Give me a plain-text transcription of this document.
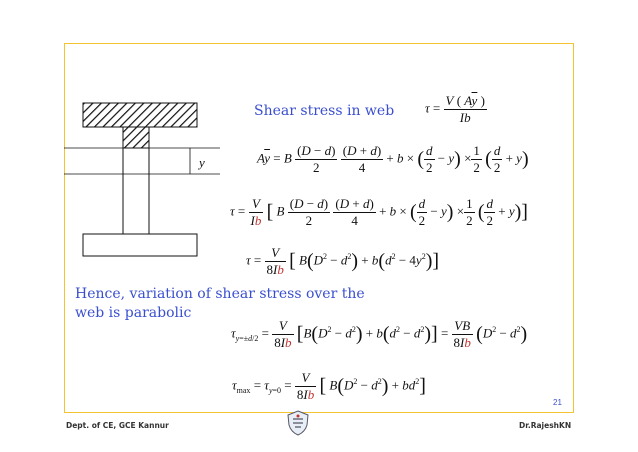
y
Shear stress in web $\tau = \frac{V ( A\overline{y} )}{Ib}$
$A\overline{y} = B \frac{(D - d)}{2}$
$\frac{(D + d)}{4} + b$ × ( $\frac{d}{2} - y) \times \frac{1}{2}$ ( $\frac{d}{2} + y$)
$\tau = \frac{V}{Ib}$ [ B $\frac{(D - d)}{2}$
$\frac{(D + d)}{4} + b$ × ( $\frac{d}{2} - y) \times \frac{1}{2}$ ( $\frac{d}{2} + y$)]
$\tau = \frac{V}{8Ib}$ [ $B(D^2 - d^2) + b(d^2 - 4y^2)$]
Hence, variation of shear stress over the
web is parabolic
$\tau_{y=\pm d/2} = \frac{V}{8Ib} [B(D^2 - d^2) + b(d^2 - d^2)] = \frac{VB}{8Ib} (D^2 - d^2)$
$\tau_{max} = \tau_{y=0} = \frac{V}{8Ib}$ [ $B(D^2 - d^2) + bd^2$]
21
Dept. of CE, GCE Kannur	Dr.RajeshKN
